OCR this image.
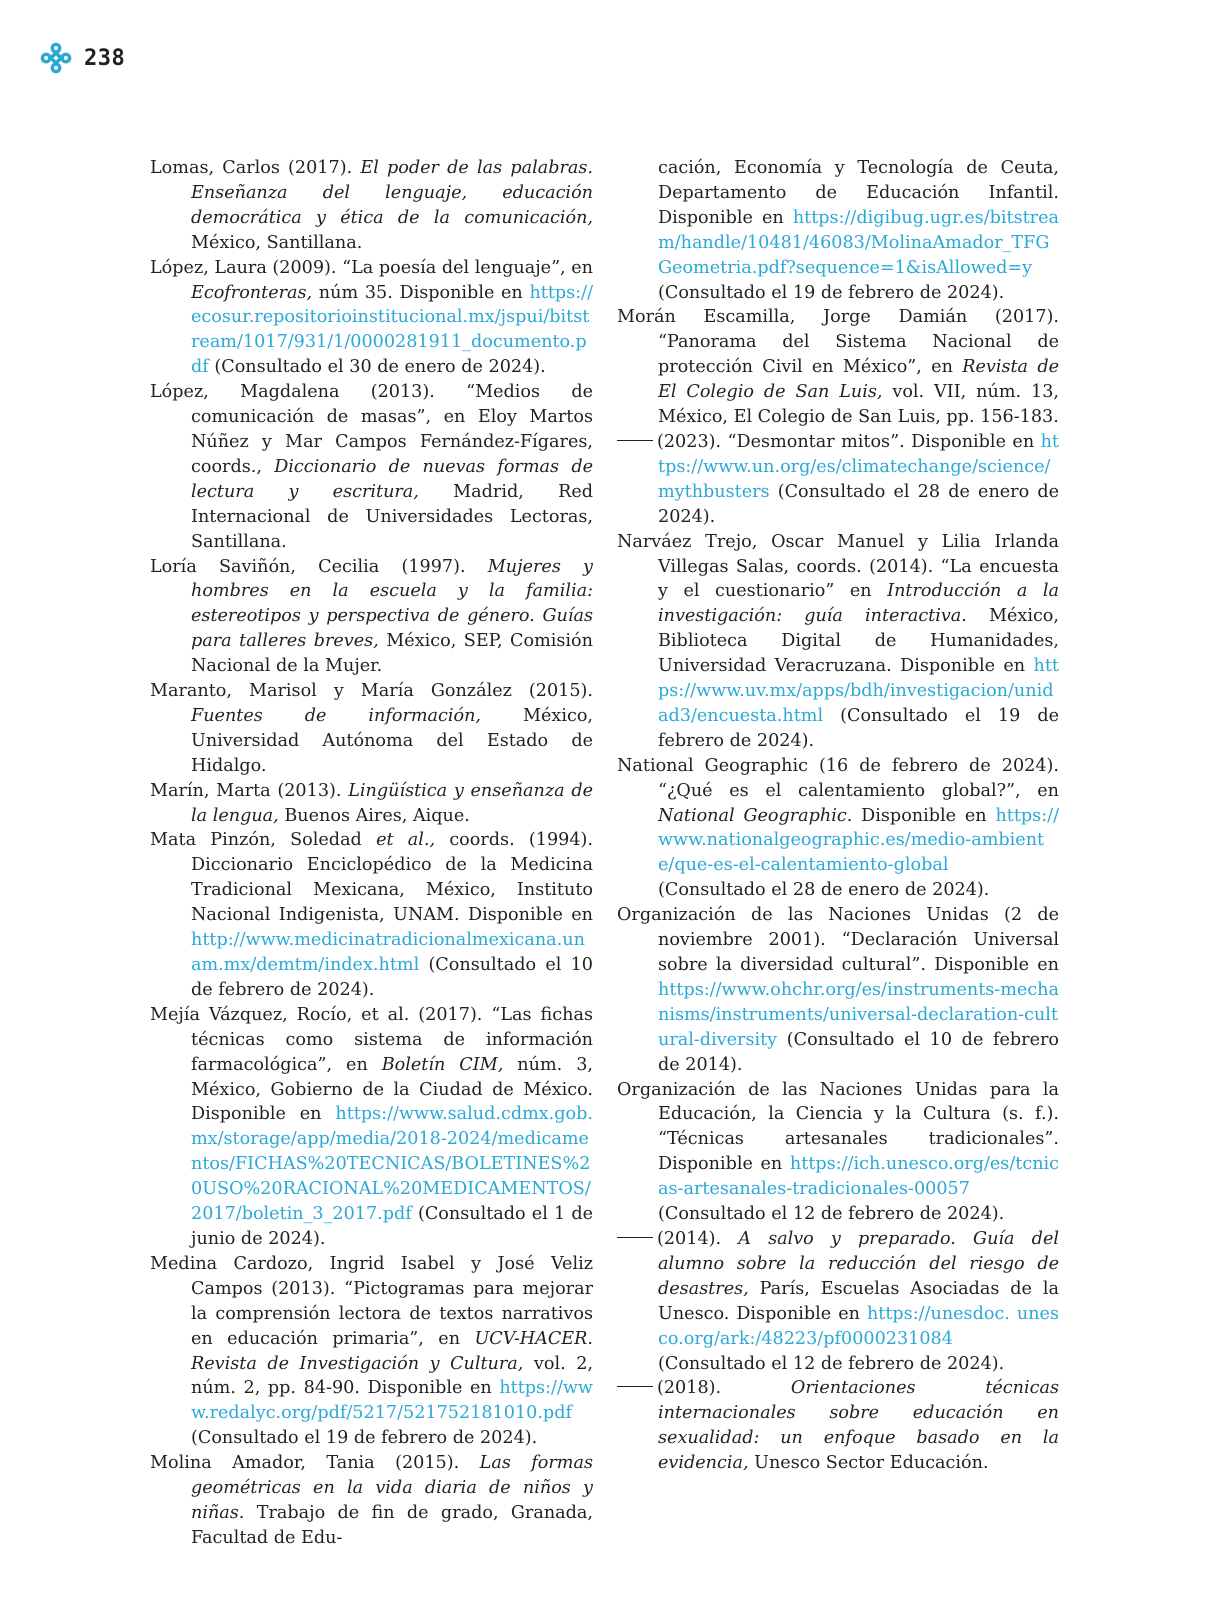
238

Lomas, Carlos (2017). El poder de las palabras. Enseñanza del lenguaje, educación democrática y ética de la comunicación, México, Santillana.

López, Laura (2009). “La poesía del lenguaje”, en Ecofronteras, núm 35. Disponible en https://ecosur.repositorioinstitucional.mx/jspui/bitstream/1017/931/1/0000281911_documento.pdf (Consultado el 30 de enero de 2024).

López, Magdalena (2013). “Medios de comunicación de masas”, en Eloy Martos Núñez y Mar Campos Fernández-Fígares, coords., Diccionario de nuevas formas de lectura y escritura, Madrid, Red Internacional de Universidades Lectoras, Santillana.

Loría Saviñón, Cecilia (1997). Mujeres y hombres en la escuela y la familia: estereotipos y perspectiva de género. Guías para talleres breves, México, SEP, Comisión Nacional de la Mujer.

Maranto, Marisol y María González (2015). Fuentes de información, México, Universidad Autónoma del Estado de Hidalgo.

Marín, Marta (2013). Lingüística y enseñanza de la lengua, Buenos Aires, Aique.

Mata Pinzón, Soledad et al., coords. (1994). Diccionario Enciclopédico de la Medicina Tradicional Mexicana, México, Instituto Nacional Indigenista, UNAM. Disponible en http://www.medicinatradicionalmexicana.unam.mx/demtm/index.html (Consultado el 10 de febrero de 2024).

Mejía Vázquez, Rocío, et al. (2017). “Las fichas técnicas como sistema de información farmacológica”, en Boletín CIM, núm. 3, México, Gobierno de la Ciudad de México. Disponible en https://www.salud.cdmx.gob.mx/storage/app/media/2018-2024/medicamentos/FICHAS%20TECNICAS/BOLETINES%20USO%20RACIONAL%20MEDICAMENTOS/2017/boletin_3_2017.pdf (Consultado el 1 de junio de 2024).

Medina Cardozo, Ingrid Isabel y José Veliz Campos (2013). “Pictogramas para mejorar la comprensión lectora de textos narrativos en educación primaria”, en UCV-HACER. Revista de Investigación y Cultura, vol. 2, núm. 2, pp. 84-90. Disponible en https://www.redalyc.org/pdf/5217/521752181010.pdf (Consultado el 19 de febrero de 2024).

Molina Amador, Tania (2015). Las formas geométricas en la vida diaria de niños y niñas. Trabajo de fin de grado, Granada, Facultad de Edu-

cación, Economía y Tecnología de Ceuta, Departamento de Educación Infantil. Disponible en https://digibug.ugr.es/bitstream/handle/10481/46083/MolinaAmador_TFGGeometria.pdf?sequence=1&isAllowed=y (Consultado el 19 de febrero de 2024).

Morán Escamilla, Jorge Damián (2017). “Panorama del Sistema Nacional de protección Civil en México”, en Revista de El Colegio de San Luis, vol. VII, núm. 13, México, El Colegio de San Luis, pp. 156-183.

(2023). “Desmontar mitos”. Disponible en https://www.un.org/es/climatechange/science/mythbusters (Consultado el 28 de enero de 2024).

Narváez Trejo, Oscar Manuel y Lilia Irlanda Villegas Salas, coords. (2014). “La encuesta y el cuestionario” en Introducción a la investigación: guía interactiva. México, Biblioteca Digital de Humanidades, Universidad Veracruzana. Disponible en https://www.uv.mx/apps/bdh/investigacion/unidad3/encuesta.html (Consultado el 19 de febrero de 2024).

National Geographic (16 de febrero de 2024). “¿Qué es el calentamiento global?”, en National Geographic. Disponible en https://www.nationalgeographic.es/medio-ambiente/que-es-el-calentamiento-global (Consultado el 28 de enero de 2024).

Organización de las Naciones Unidas (2 de noviembre 2001). “Declaración Universal sobre la diversidad cultural”. Disponible en https://www.ohchr.org/es/instruments-mechanisms/instruments/universal-declaration-cultural-diversity (Consultado el 10 de febrero de 2014).

Organización de las Naciones Unidas para la Educación, la Ciencia y la Cultura (s. f.). “Técnicas artesanales tradicionales”. Disponible en https://ich.unesco.org/es/tcnicas-artesanales-tradicionales-00057 (Consultado el 12 de febrero de 2024).

(2014). A salvo y preparado. Guía del alumno sobre la reducción del riesgo de desastres, París, Escuelas Asociadas de la Unesco. Disponible en https://unesdoc. unesco.org/ark:/48223/pf0000231084 (Consultado el 12 de febrero de 2024).

(2018). Orientaciones técnicas internacionales sobre educación en sexualidad: un enfoque basado en la evidencia, Unesco Sector Educación.
